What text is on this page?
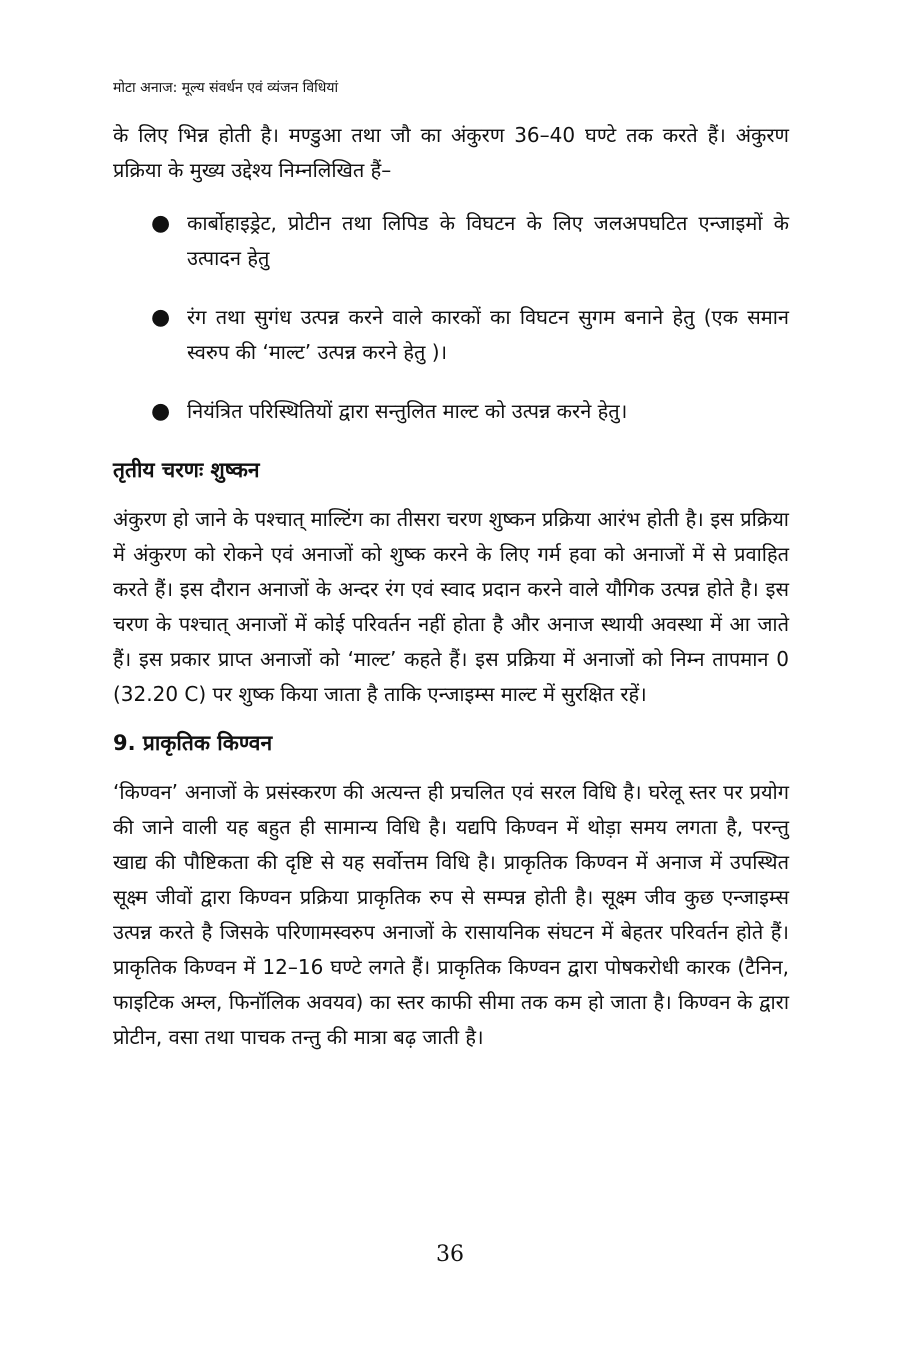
मोटा अनाज: मूल्य संवर्धन एवं व्यंजन विधियां

के लिए भिन्न होती है। मण्डुआ तथा जौ का अंकुरण 36–40 घण्टे तक करते हैं। अंकुरण प्रक्रिया के मुख्य उद्देश्य निम्नलिखित हैं–

● कार्बोहाइड्रेट, प्रोटीन तथा लिपिड के विघटन के लिए जलअपघटित एन्जाइमों के उत्पादन हेतु
● रंग तथा सुगंध उत्पन्न करने वाले कारकों का विघटन सुगम बनाने हेतु (एक समान स्वरुप की ‘माल्ट’ उत्पन्न करने हेतु )।
● नियंत्रित परिस्थितियों द्वारा सन्तुलित माल्ट को उत्पन्न करने हेतु।
तृतीय चरणः शुष्कन

अंकुरण हो जाने के पश्चात् माल्टिंग का तीसरा चरण शुष्कन प्रक्रिया आरंभ होती है। इस प्रक्रिया में अंकुरण को रोकने एवं अनाजों को शुष्क करने के लिए गर्म हवा को अनाजों में से प्रवाहित करते हैं। इस दौरान अनाजों के अन्दर रंग एवं स्वाद प्रदान करने वाले यौगिक उत्पन्न होते है। इस चरण के पश्चात् अनाजों में कोई परिवर्तन नहीं होता है और अनाज स्थायी अवस्था में आ जाते हैं। इस प्रकार प्राप्त अनाजों को ‘माल्ट’ कहते हैं। इस प्रक्रिया में अनाजों को निम्न तापमान 0 (32.20 C) पर शुष्क किया जाता है ताकि एन्जाइम्स माल्ट में सुरक्षित रहें।

9. प्राकृतिक किण्वन

‘किण्वन’ अनाजों के प्रसंस्करण की अत्यन्त ही प्रचलित एवं सरल विधि है। घरेलू स्तर पर प्रयोग की जाने वाली यह बहुत ही सामान्य विधि है। यद्यपि किण्वन में थोड़ा समय लगता है, परन्तु खाद्य की पौष्टिकता की दृष्टि से यह सर्वोत्तम विधि है। प्राकृतिक किण्वन में अनाज में उपस्थित सूक्ष्म जीवों द्वारा किण्वन प्रक्रिया प्राकृतिक रुप से सम्पन्न होती है। सूक्ष्म जीव कुछ एन्जाइम्स उत्पन्न करते है जिसके परिणामस्वरुप अनाजों के रासायनिक संघटन में बेहतर परिवर्तन होते हैं। प्राकृतिक किण्वन में 12–16 घण्टे लगते हैं। प्राकृतिक किण्वन द्वारा पोषकरोधी कारक (टैनिन, फाइटिक अम्ल, फिनॉलिक अवयव) का स्तर काफी सीमा तक कम हो जाता है। किण्वन के द्वारा प्रोटीन, वसा तथा पाचक तन्तु की मात्रा बढ़ जाती है।

36
